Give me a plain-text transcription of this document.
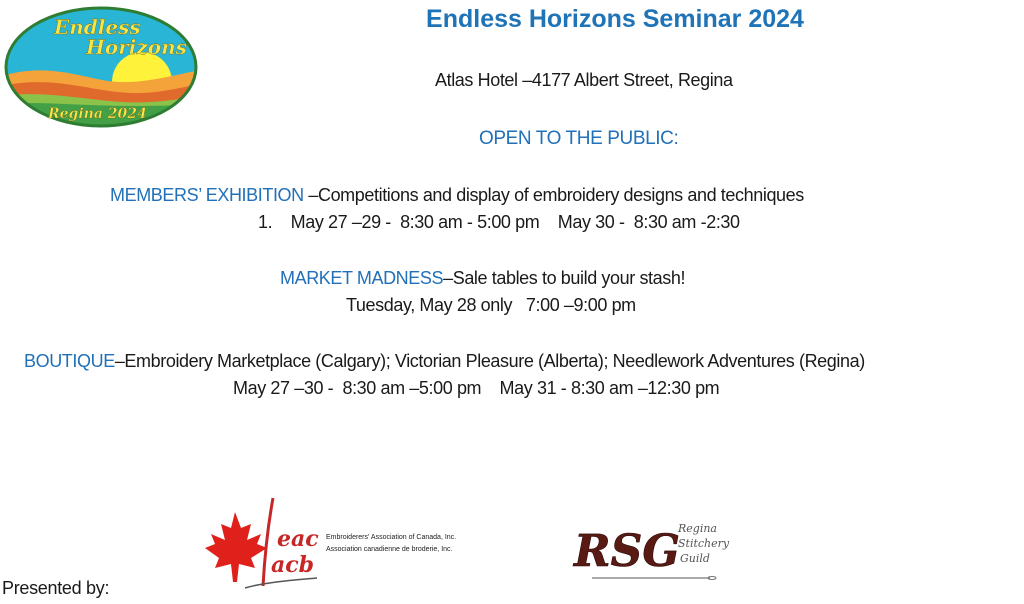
Endless
Horizons
Regina 2024
Endless Horizons Seminar 2024
Atlas Hotel –4177 Albert Street, Regina
OPEN TO THE PUBLIC:
MEMBERS’ EXHIBITION –Competitions and display of embroidery designs and techniques
1.    May 27 –29 -  8:30 am - 5:00 pm    May 30 -  8:30 am -2:30
MARKET MADNESS–Sale tables to build your stash!
Tuesday, May 28 only   7:00 –9:00 pm
BOUTIQUE–Embroidery Marketplace (Calgary); Victorian Pleasure (Alberta); Needlework Adventures (Regina)
May 27 –30 -  8:30 am –5:00 pm    May 31 - 8:30 am –12:30 pm
Presented by:
eac
acb
Embroiderers' Association of Canada, Inc.
Association canadienne de broderie, Inc.	RSG
Regina
Stitchery
Guild
